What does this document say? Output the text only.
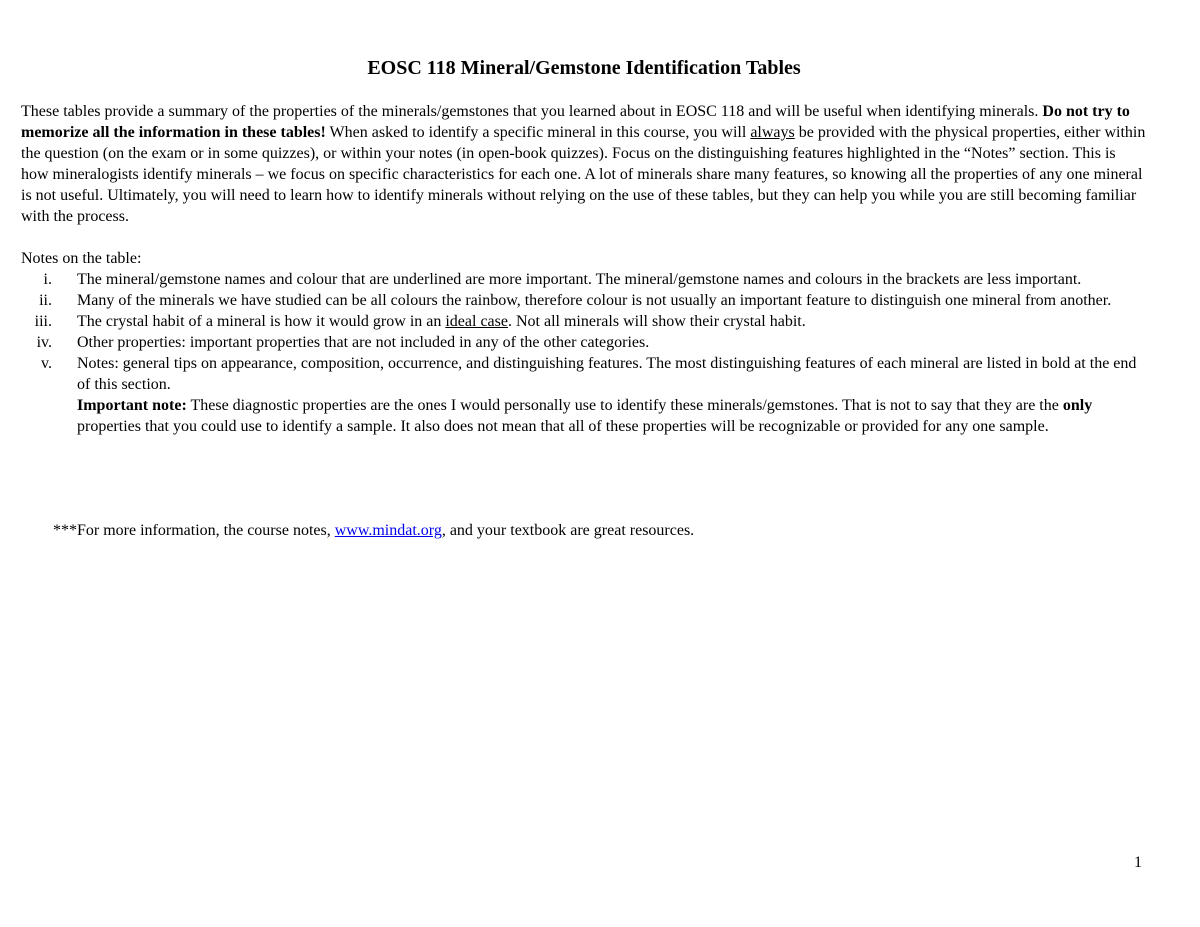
EOSC 118 Mineral/Gemstone Identification Tables

These tables provide a summary of the properties of the minerals/gemstones that you learned about in EOSC 118 and will be useful when identifying minerals. Do not try to memorize all the information in these tables! When asked to identify a specific mineral in this course, you will always be provided with the physical properties, either within the question (on the exam or in some quizzes), or within your notes (in open-book quizzes). Focus on the distinguishing features highlighted in the “Notes” section. This is how mineralogists identify minerals – we focus on specific characteristics for each one. A lot of minerals share many features, so knowing all the properties of any one mineral is not useful. Ultimately, you will need to learn how to identify minerals without relying on the use of these tables, but they can help you while you are still becoming familiar with the process.

Notes on the table:

i. The mineral/gemstone names and colour that are underlined are more important. The mineral/gemstone names and colours in the brackets are less important.
ii. Many of the minerals we have studied can be all colours the rainbow, therefore colour is not usually an important feature to distinguish one mineral from another.
iii. The crystal habit of a mineral is how it would grow in an ideal case. Not all minerals will show their crystal habit.
iv. Other properties: important properties that are not included in any of the other categories.
v. Notes: general tips on appearance, composition, occurrence, and distinguishing features. The most distinguishing features of each mineral are listed in bold at the end of this section.
Important note: These diagnostic properties are the ones I would personally use to identify these minerals/gemstones. That is not to say that they are the only properties that you could use to identify a sample. It also does not mean that all of these properties will be recognizable or provided for any one sample.

***For more information, the course notes, www.mindat.org, and your textbook are great resources.

1
